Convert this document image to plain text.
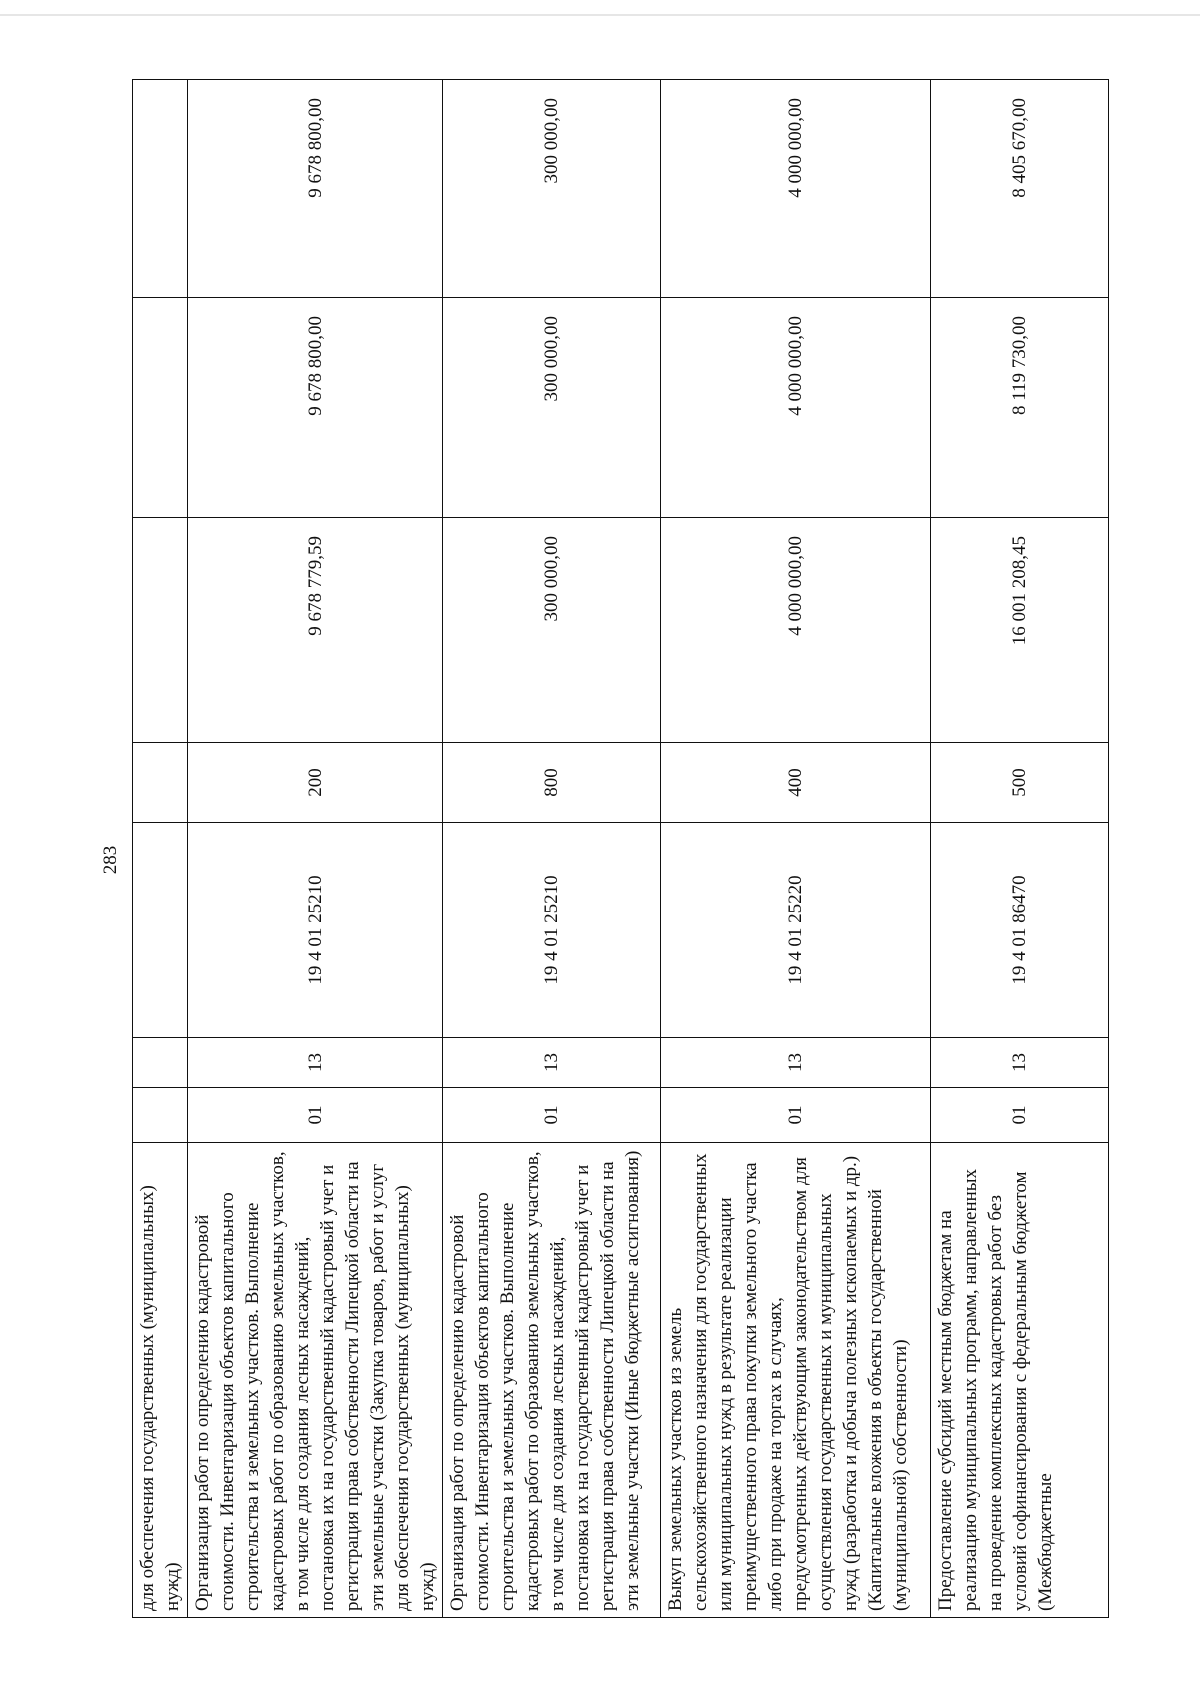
283
для обеспечения государственных (муниципальных) нужд)							
Организация работ по определению кадастровой стоимости. Инвентаризация объектов капитального строительства и земельных участков. Выполнение кадастровых работ по образованию земельных участков, в том числе для создания лесных насаждений, постановка их на государственный кадастровый учет и регистрация права собственности Липецкой области на эти земельные участки (Закупка товаров, работ и услуг для обеспечения государственных (муниципальных) нужд)	01	13	19 4 01 25210	200	9 678 779,59	9 678 800,00	9 678 800,00
Организация работ по определению кадастровой стоимости. Инвентаризация объектов капитального строительства и земельных участков. Выполнение кадастровых работ по образованию земельных участков, в том числе для создания лесных насаждений, постановка их на государственный кадастровый учет и регистрация права собственности Липецкой области на эти земельные участки (Иные бюджетные ассигнования)	01	13	19 4 01 25210	800	300 000,00	300 000,00	300 000,00
Выкуп земельных участков из земель сельскохозяйственного назначения для государственных или муниципальных нужд в результате реализации преимущественного права покупки земельного участка либо при продаже на торгах в случаях, предусмотренных действующим законодательством для осуществления государственных и муниципальных нужд (разработка и добыча полезных ископаемых и др.) (Капитальные вложения в объекты государственной (муниципальной) собственности)	01	13	19 4 01 25220	400	4 000 000,00	4 000 000,00	4 000 000,00
Предоставление субсидий местным бюджетам на реализацию муниципальных программ, направленных на проведение комплексных кадастровых работ без условий софинансирования с федеральным бюджетом (Межбюджетные	01	13	19 4 01 86470	500	16 001 208,45	8 119 730,00	8 405 670,00
